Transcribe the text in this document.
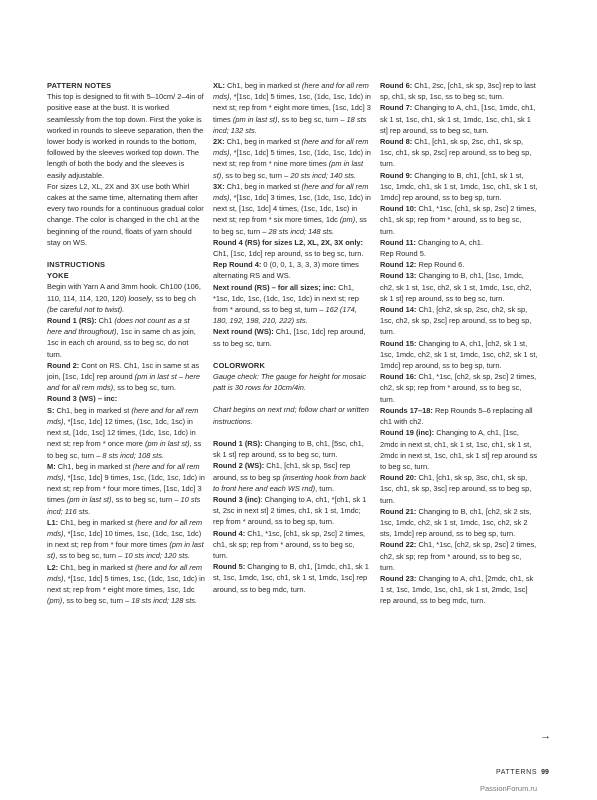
PATTERN NOTES

This top is designed to fit with 5–10cm/ 2–4in of positive ease at the bust. It is worked seamlessly from the top down. First the yoke is worked in rounds to sleeve separation, then the lower body is worked in rounds to the bottom, followed by the sleeves worked top down. The length of both the body and the sleeves is easily adjustable.

For sizes L2, XL, 2X and 3X use both Whirl cakes at the same time, alternating them after every two rounds for a continuous gradual color change. The color is changed in the ch1 at the beginning of the round, floats of yarn should stay on WS.

INSTRUCTIONS

YOKE

Begin with Yarn A and 3mm hook. Ch100 (106, 110, 114, 114, 120, 120) loosely, ss to beg ch (be careful not to twist).

Round 1 (RS): Ch1 (does not count as a st here and throughout), 1sc in same ch as join, 1sc in each ch around, ss to beg sc, do not turn.

Round 2: Cont on RS. Ch1, 1sc in same st as join, [1sc, 1dc] rep around (pm in last st – here and for all rem mds), ss to beg sc, turn.

Round 3 (WS) – inc:

S: Ch1, beg in marked st (here and for all rem mds), *[1sc, 1dc] 12 times, (1sc, 1dc, 1sc) in next st, [1dc, 1sc] 12 times, (1dc, 1sc, 1dc) in next st; rep from * once more (pm in last st), ss to beg sc, turn – 8 sts incd; 108 sts.

M: Ch1, beg in marked st (here and for all rem mds), *[1sc, 1dc] 9 times, 1sc, (1dc, 1sc, 1dc) in next st; rep from * four more times, [1sc, 1dc] 3 times (pm in last st), ss to beg sc, turn – 10 sts incd; 116 sts.

L1: Ch1, beg in marked st (here and for all rem mds), *[1sc, 1dc] 10 times, 1sc, (1dc, 1sc, 1dc) in next st; rep from * four more times (pm in last st), ss to beg sc, turn – 10 sts incd; 120 sts.

L2: Ch1, beg in marked st (here and for all rem mds), *[1sc, 1dc] 5 times, 1sc, (1dc, 1sc, 1dc) in next st; rep from * eight more times, 1sc, 1dc (pm), ss to beg sc, turn – 18 sts incd; 128 sts.

XL: Ch1, beg in marked st (here and for all rem mds), *[1sc, 1dc] 5 times, 1sc, (1dc, 1sc, 1dc) in next st; rep from * eight more times, [1sc, 1dc] 3 times (pm in last st), ss to beg sc, turn – 18 sts incd; 132 sts.

2X: Ch1, beg in marked st (here and for all rem mds), *[1sc, 1dc] 5 times, 1sc, (1dc, 1sc, 1dc) in next st; rep from * nine more times (pm in last st), ss to beg sc, turn – 20 sts incd; 140 sts.

3X: Ch1, beg in marked st (here and for all rem mds), *[1sc, 1dc] 3 times, 1sc, (1dc, 1sc, 1dc) in next st, [1sc, 1dc] 4 times, (1sc, 1dc, 1sc) in next st; rep from * six more times, 1dc (pm), ss to beg sc, turn – 28 sts incd; 148 sts.

Round 4 (RS) for sizes L2, XL, 2X, 3X only: Ch1, [1sc, 1dc] rep around, ss to beg sc, turn.

Rep Round 4: 0 (0, 0, 1, 3, 3, 3) more times alternating RS and WS.

Next round (RS) – for all sizes; inc: Ch1, *1sc, 1dc, 1sc, (1dc, 1sc, 1dc) in next st; rep from * around, ss to beg st, turn – 162 (174, 180, 192, 198, 210, 222) sts.

Next round (WS): Ch1, [1sc, 1dc] rep around, ss to beg sc, turn.

COLORWORK

Gauge check: The gauge for height for mosaic patt is 30 rows for 10cm/4in.

Chart begins on next rnd; follow chart or written instructions.

Round 1 (RS): Changing to B, ch1, [5sc, ch1, sk 1 st] rep around, ss to beg sc, turn.

Round 2 (WS): Ch1, [ch1, sk sp, 5sc] rep around, ss to beg sp (inserting hook from back to front here and each WS rnd), turn.

Round 3 (inc): Changing to A, ch1, *[ch1, sk 1 st, 2sc in next st] 2 times, ch1, sk 1 st, 1mdc; rep from * around, ss to beg sp, turn.

Round 4: Ch1, *1sc, [ch1, sk sp, 2sc] 2 times, ch1, sk sp; rep from * around, ss to beg sc, turn.

Round 5: Changing to B, ch1, [1mdc, ch1, sk 1 st, 1sc, 1mdc, 1sc, ch1, sk 1 st, 1mdc, 1sc] rep around, ss to beg mdc, turn.

Round 6: Ch1, 2sc, [ch1, sk sp, 3sc] rep to last sp, ch1, sk sp, 1sc, ss to beg sc, turn.

Round 7: Changing to A, ch1, [1sc, 1mdc, ch1, sk 1 st, 1sc, ch1, sk 1 st, 1mdc, 1sc, ch1, sk 1 st] rep around, ss to beg sc, turn.

Round 8: Ch1, [ch1, sk sp, 2sc, ch1, sk sp, 1sc, ch1, sk sp, 2sc] rep around, ss to beg sp, turn.

Round 9: Changing to B, ch1, [ch1, sk 1 st, 1sc, 1mdc, ch1, sk 1 st, 1mdc, 1sc, ch1, sk 1 st, 1mdc] rep around, ss to beg sp, turn.

Round 10: Ch1, *1sc, [ch1, sk sp, 2sc] 2 times, ch1, sk sp; rep from * around, ss to beg sc, turn.

Round 11: Changing to A, ch1.

Rep Round 5.

Round 12: Rep Round 6.

Round 13: Changing to B, ch1, [1sc, 1mdc, ch2, sk 1 st, 1sc, ch2, sk 1 st, 1mdc, 1sc, ch2, sk 1 st] rep around, ss to beg sc, turn.

Round 14: Ch1, [ch2, sk sp, 2sc, ch2, sk sp, 1sc, ch2, sk sp, 2sc] rep around, ss to beg sp, turn.

Round 15: Changing to A, ch1, [ch2, sk 1 st, 1sc, 1mdc, ch2, sk 1 st, 1mdc, 1sc, ch2, sk 1 st, 1mdc] rep around, ss to beg sp, turn.

Round 16: Ch1, *1sc, [ch2, sk sp, 2sc] 2 times, ch2, sk sp; rep from * around, ss to beg sc, turn.

Rounds 17–18: Rep Rounds 5–6 replacing all ch1 with ch2.

Round 19 (inc): Changing to A, ch1, [1sc, 2mdc in next st, ch1, sk 1 st, 1sc, ch1, sk 1 st, 2mdc in next st, 1sc, ch1, sk 1 st] rep around ss to beg sc, turn.

Round 20: Ch1, [ch1, sk sp, 3sc, ch1, sk sp, 1sc, ch1, sk sp, 3sc] rep around, ss to beg sp, turn.

Round 21: Changing to B, ch1, [ch2, sk 2 sts, 1sc, 1mdc, ch2, sk 1 st, 1mdc, 1sc, ch2, sk 2 sts, 1mdc] rep around, ss to beg sp, turn.

Round 22: Ch1, *1sc, [ch2, sk sp, 2sc] 2 times, ch2, sk sp; rep from * around, ss to beg sc, turn.

Round 23: Changing to A, ch1, [2mdc, ch1, sk 1 st, 1sc, 1mdc, 1sc, ch1, sk 1 st, 2mdc, 1sc] rep around, ss to beg mdc, turn.

→
PATTERNS 99
PassionForum.ru
